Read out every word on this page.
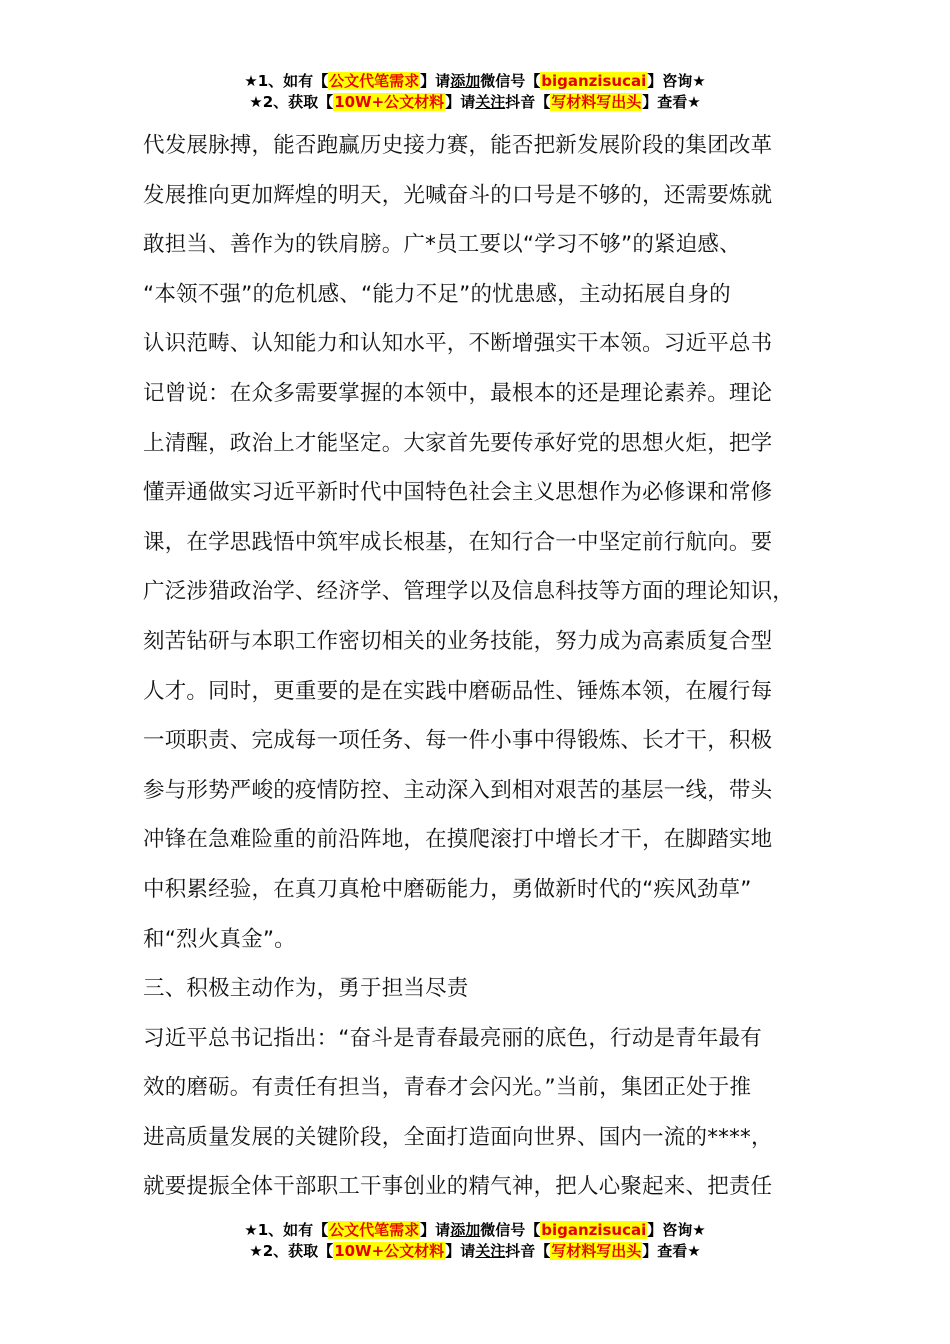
★1、如有【公文代笔需求】请添加微信号【biganzisucai】咨询★
★2、获取【10W+公文材料】请关注抖音【写材料写出头】查看★
代发展脉搏，能否跑赢历史接力赛，能否把新发展阶段的集团改革
发展推向更加辉煌的明天，光喊奋斗的口号是不够的，还需要炼就
敢担当、善作为的铁肩膀。广*员工要以“学习不够”的紧迫感、
“本领不强”的危机感、“能力不足”的忧患感，主动拓展自身的
认识范畴、认知能力和认知水平，不断增强实干本领。习近平总书
记曾说：在众多需要掌握的本领中，最根本的还是理论素养。理论
上清醒，政治上才能坚定。大家首先要传承好党的思想火炬，把学
懂弄通做实习近平新时代中国特色社会主义思想作为必修课和常修
课，在学思践悟中筑牢成长根基，在知行合一中坚定前行航向。要
广泛涉猎政治学、经济学、管理学以及信息科技等方面的理论知识，
刻苦钻研与本职工作密切相关的业务技能，努力成为高素质复合型
人才。同时，更重要的是在实践中磨砺品性、锤炼本领，在履行每
一项职责、完成每一项任务、每一件小事中得锻炼、长才干，积极
参与形势严峻的疫情防控、主动深入到相对艰苦的基层一线，带头
冲锋在急难险重的前沿阵地，在摸爬滚打中增长才干，在脚踏实地
中积累经验，在真刀真枪中磨砺能力，勇做新时代的“疾风劲草”
和“烈火真金”。
三、积极主动作为，勇于担当尽责
习近平总书记指出：“奋斗是青春最亮丽的底色，行动是青年最有
效的磨砺。有责任有担当，青春才会闪光。”当前，集团正处于推
进高质量发展的关键阶段，全面打造面向世界、国内一流的****，
就要提振全体干部职工干事创业的精气神，把人心聚起来、把责任
★1、如有【公文代笔需求】请添加微信号【biganzisucai】咨询★
★2、获取【10W+公文材料】请关注抖音【写材料写出头】查看★
